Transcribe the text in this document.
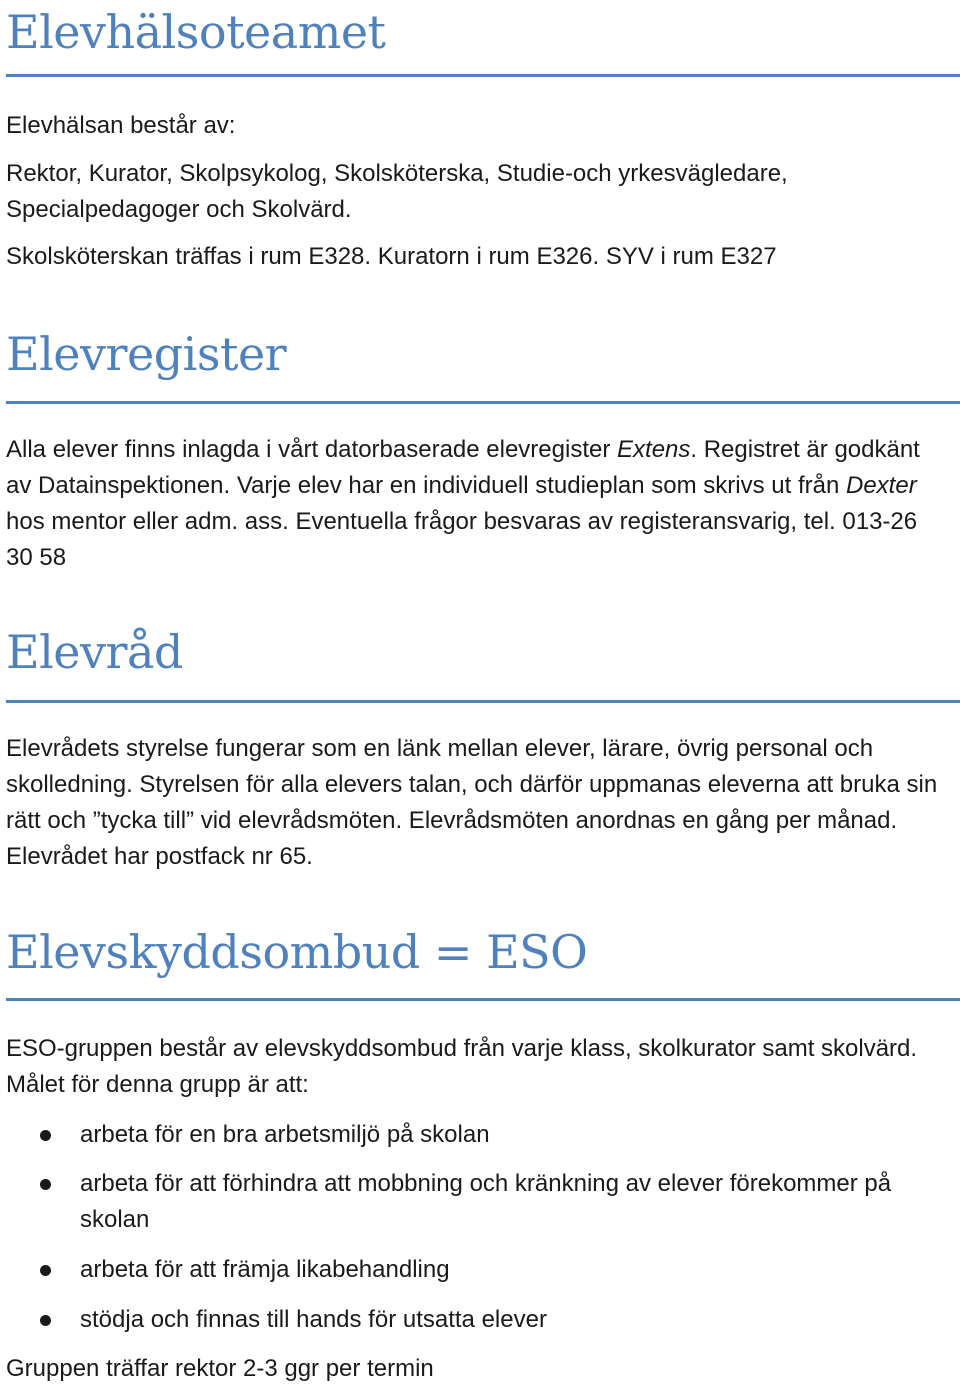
Elevhälsoteamet

Elevhälsan består av:

Rektor, Kurator, Skolpsykolog, Skolsköterska, Studie-och yrkesvägledare, Specialpedagoger och Skolvärd.

Skolsköterskan träffas i rum E328. Kuratorn i rum E326. SYV i rum E327

Elevregister

Alla elever finns inlagda i vårt datorbaserade elevregister Extens. Registret är godkänt av Datainspektionen. Varje elev har en individuell studieplan som skrivs ut från Dexter hos mentor eller adm. ass. Eventuella frågor besvaras av registeransvarig, tel. 013-26 30 58

Elevråd

Elevrådets styrelse fungerar som en länk mellan elever, lärare, övrig personal och skolledning. Styrelsen för alla elevers talan, och därför uppmanas eleverna att bruka sin rätt och ”tycka till” vid elevrådsmöten. Elevrådsmöten anordnas en gång per månad. Elevrådet har postfack nr 65.

Elevskyddsombud = ESO

ESO-gruppen består av elevskyddsombud från varje klass, skolkurator samt skolvärd. Målet för denna grupp är att:

arbeta för en bra arbetsmiljö på skolan
arbeta för att förhindra att mobbning och kränkning av elever förekommer på skolan
arbeta för att främja likabehandling
stödja och finnas till hands för utsatta elever

Gruppen träffar rektor 2-3 ggr per termin
